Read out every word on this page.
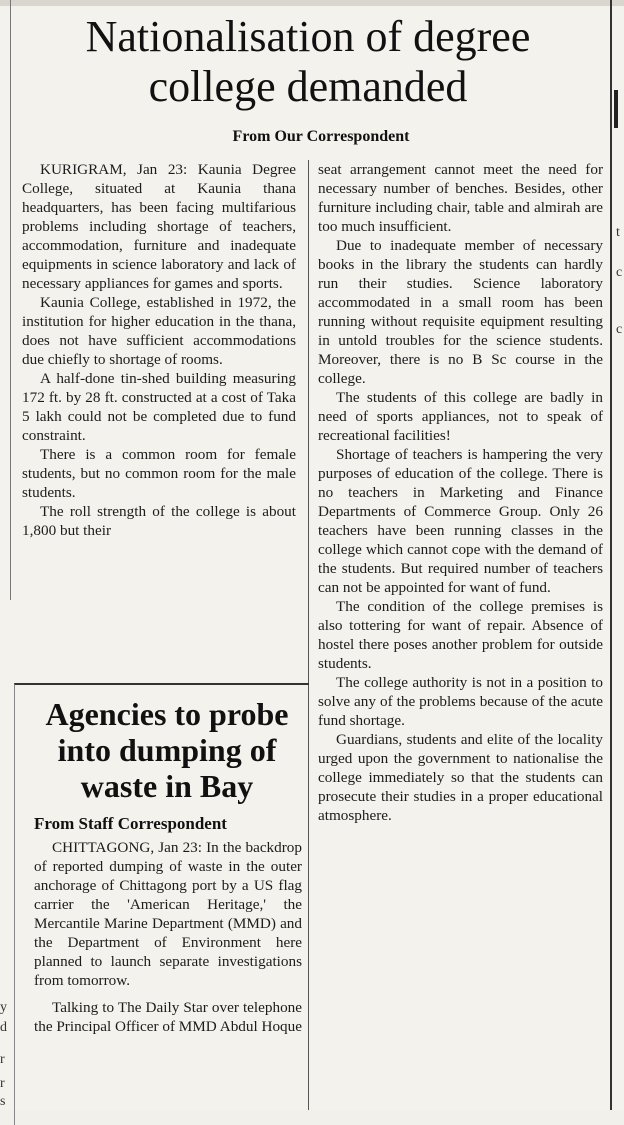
Nationalisation of degree
college demanded
From Our Correspondent

KURIGRAM, Jan 23: Kaunia Degree College, situated at Kaunia thana headquarters, has been facing multifarious problems including shortage of teachers, accommodation, furniture and inadequate equipments in science laboratory and lack of necessary appliances for games and sports.

Kaunia College, established in 1972, the institution for higher education in the thana, does not have sufficient accommodations due chiefly to shortage of rooms.

A half-done tin-shed building measuring 172 ft. by 28 ft. constructed at a cost of Taka 5 lakh could not be completed due to fund constraint.

There is a common room for female students, but no common room for the male students.

The roll strength of the college is about 1,800 but their

seat arrangement cannot meet the need for necessary number of benches. Besides, other furniture including chair, table and almirah are too much insufficient.

Due to inadequate member of necessary books in the library the students can hardly run their studies. Science laboratory accommodated in a small room has been running without requisite equipment resulting in untold troubles for the science students. Moreover, there is no B Sc course in the college.

The students of this college are badly in need of sports appliances, not to speak of recreational facilities!

Shortage of teachers is hampering the very purposes of education of the college. There is no teachers in Marketing and Finance Departments of Commerce Group. Only 26 teachers have been running classes in the college which cannot cope with the demand of the students. But required number of teachers can not be appointed for want of fund.

The condition of the college premises is also tottering for want of repair. Absence of hostel there poses another problem for outside students.

The college authority is not in a position to solve any of the problems because of the acute fund shortage.

Guardians, students and elite of the locality urged upon the government to nationalise the college immediately so that the students can prosecute their studies in a proper educational atmosphere.

Agencies to probe
into dumping of
waste in Bay
From Staff Correspondent

CHITTAGONG, Jan 23: In the backdrop of reported dumping of waste in the outer anchorage of Chittagong port by a US flag carrier the 'American Heritage,' the Mercantile Marine Department (MMD) and the Department of Environment here planned to launch separate investigations from tomorrow.

Talking to The Daily Star over telephone the Principal Officer of MMD Abdul Hoque

t
c
c
y
d
r
r
s
